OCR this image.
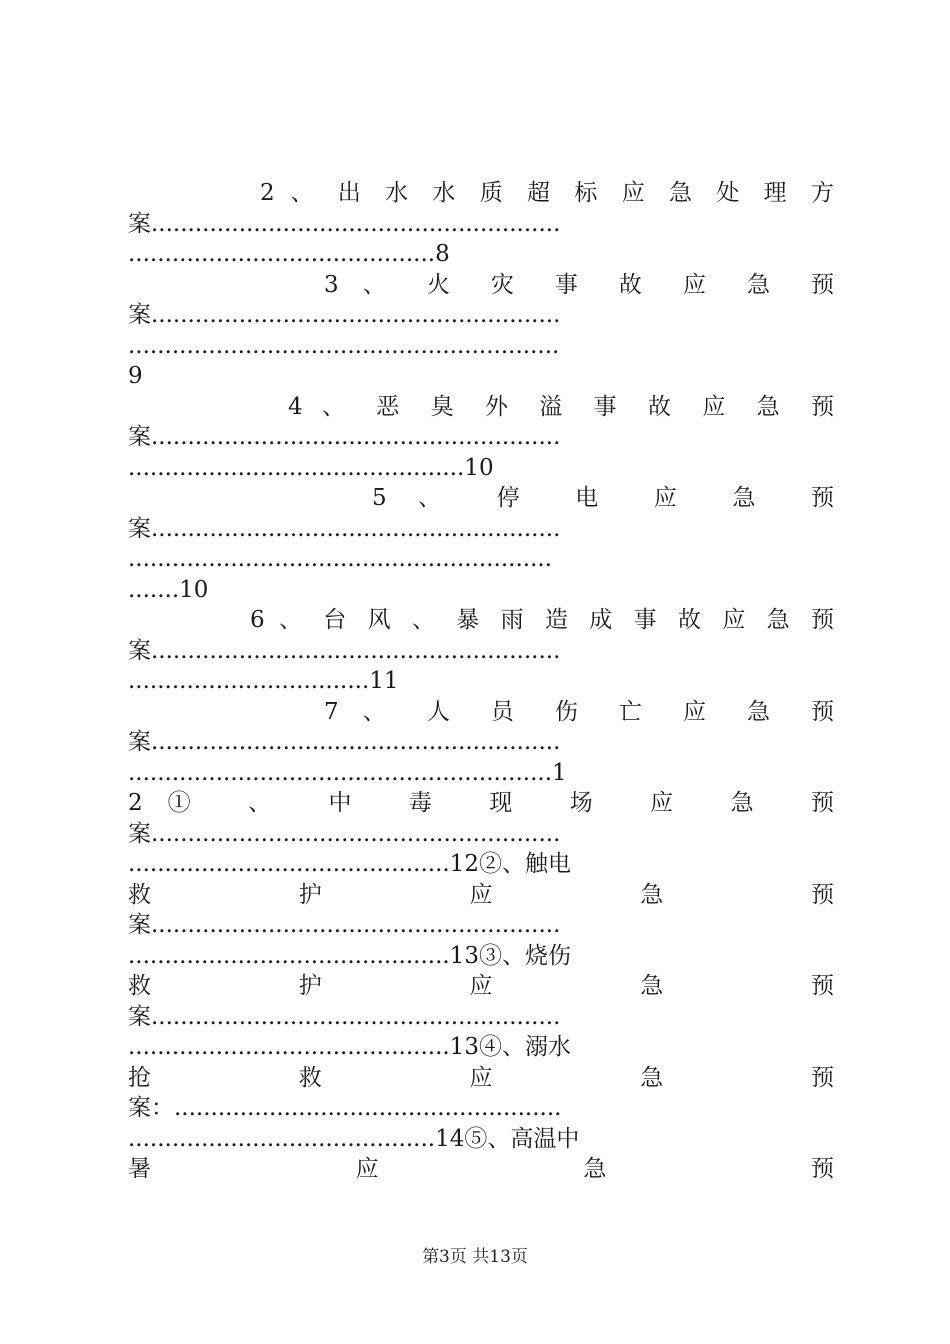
2 、 出 水 水 质 超 标 应 急 处 理 方
案........................................................
..........................................8
3 、 火 灾 事 故 应 急 预
案........................................................
...........................................................
9
4 、 恶 臭 外 溢 事 故 应 急 预
案........................................................
..............................................10
5 、 停 电 应 急 预
案........................................................
..........................................................
.......10
6 、 台 风 、 暴 雨 造 成 事 故 应 急 预
案........................................................
.................................11
7 、 人 员 伤 亡 应 急 预
案........................................................
..........................................................1
2① 、 中 毒 现 场 应 急 预
案........................................................
............................................12②、触电
救 护 应 急 预
案........................................................
............................................13③、烧伤
救 护 应 急 预
案........................................................
............................................13④、溺水
抢 救 应 急 预
案：.....................................................
..........................................14⑤、高温中
暑 应 急 预
第3页 共13页
